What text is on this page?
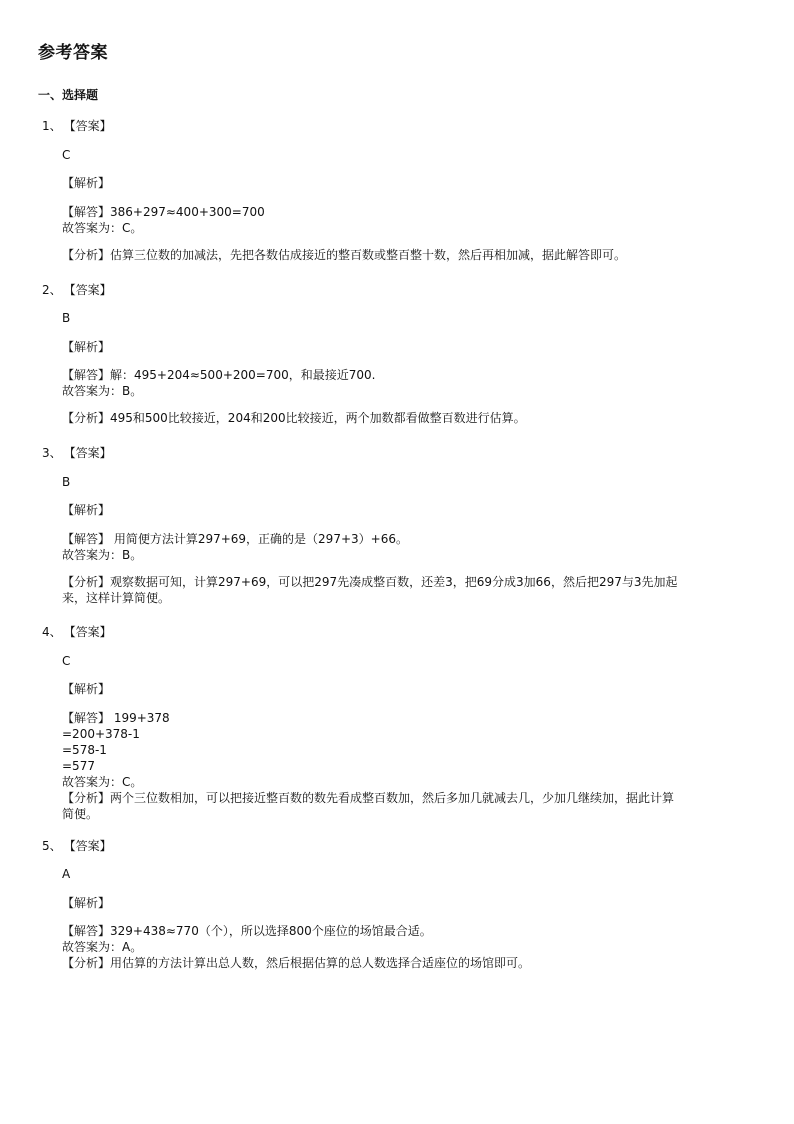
参考答案
一、选择题
1、 【答案】
C
【解析】
【解答】386+297≈400+300=700
故答案为：C。
【分析】估算三位数的加减法，先把各数估成接近的整百数或整百整十数，然后再相加减，据此解答即可。
2、 【答案】
B
【解析】
【解答】解：495+204≈500+200=700，和最接近700.
故答案为：B。
【分析】495和500比较接近，204和200比较接近，两个加数都看做整百数进行估算。
3、 【答案】
B
【解析】
【解答】 用简便方法计算297+69，正确的是（297+3）+66。
故答案为：B。
【分析】观察数据可知，计算297+69，可以把297先凑成整百数，还差3，把69分成3加66，然后把297与3先加起
来，这样计算简便。
4、 【答案】
C
【解析】
【解答】 199+378
=200+378-1
=578-1
=577
故答案为：C。
【分析】两个三位数相加，可以把接近整百数的数先看成整百数加，然后多加几就减去几，少加几继续加，据此计算
简便。
5、 【答案】
A
【解析】
【解答】329+438≈770（个），所以选择800个座位的场馆最合适。
故答案为：A。
【分析】用估算的方法计算出总人数，然后根据估算的总人数选择合适座位的场馆即可。
